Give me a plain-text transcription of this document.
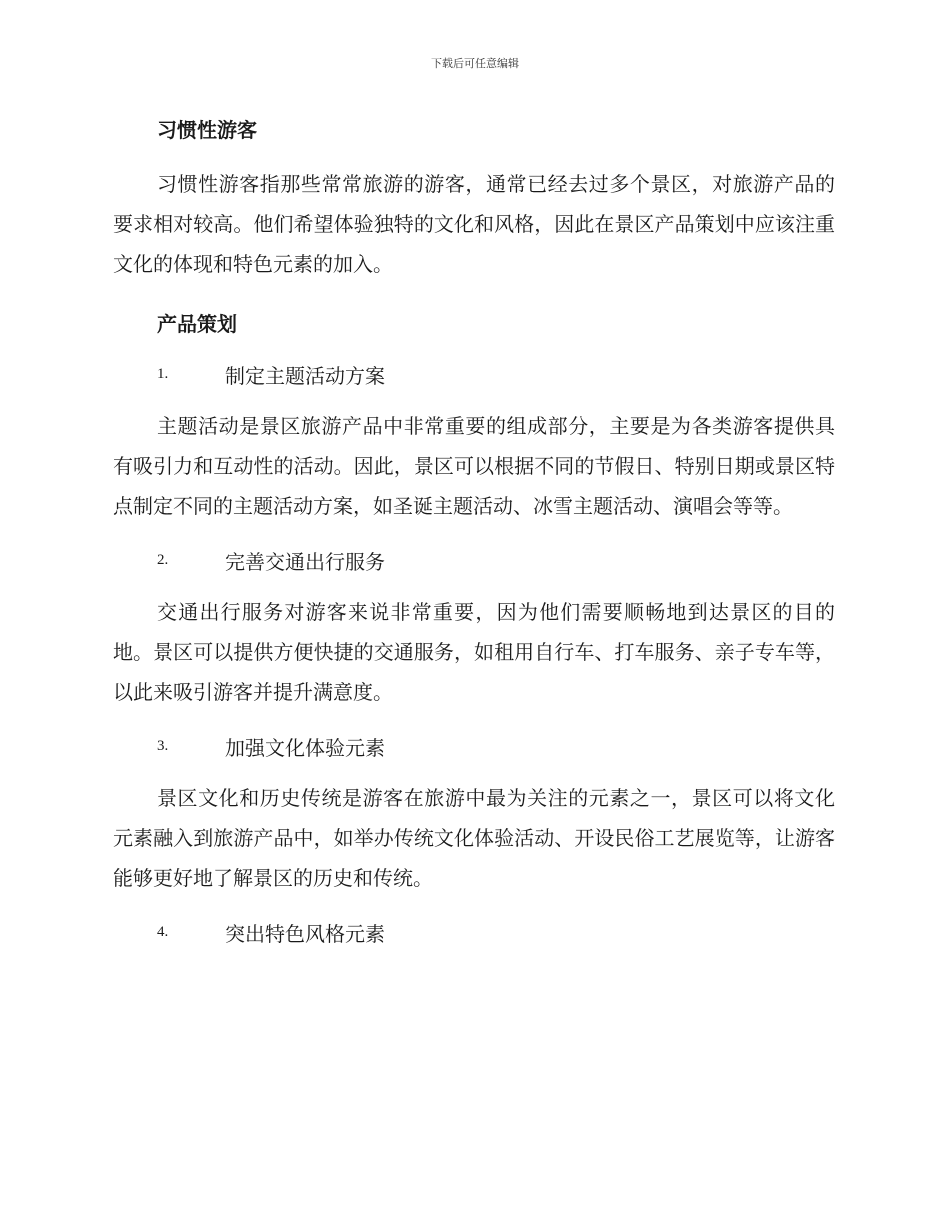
下载后可任意编辑
习惯性游客

习惯性游客指那些常常旅游的游客，通常已经去过多个景区，对旅游产品的要求相对较高。他们希望体验独特的文化和风格，因此在景区产品策划中应该注重文化的体现和特色元素的加入。

产品策划
1.	制定主题活动方案

主题活动是景区旅游产品中非常重要的组成部分，主要是为各类游客提供具有吸引力和互动性的活动。因此，景区可以根据不同的节假日、特别日期或景区特点制定不同的主题活动方案，如圣诞主题活动、冰雪主题活动、演唱会等等。

2.	完善交通出行服务

交通出行服务对游客来说非常重要，因为他们需要顺畅地到达景区的目的地。景区可以提供方便快捷的交通服务，如租用自行车、打车服务、亲子专车等，以此来吸引游客并提升满意度。

3.	加强文化体验元素

景区文化和历史传统是游客在旅游中最为关注的元素之一，景区可以将文化元素融入到旅游产品中，如举办传统文化体验活动、开设民俗工艺展览等，让游客能够更好地了解景区的历史和传统。

4.	突出特色风格元素
